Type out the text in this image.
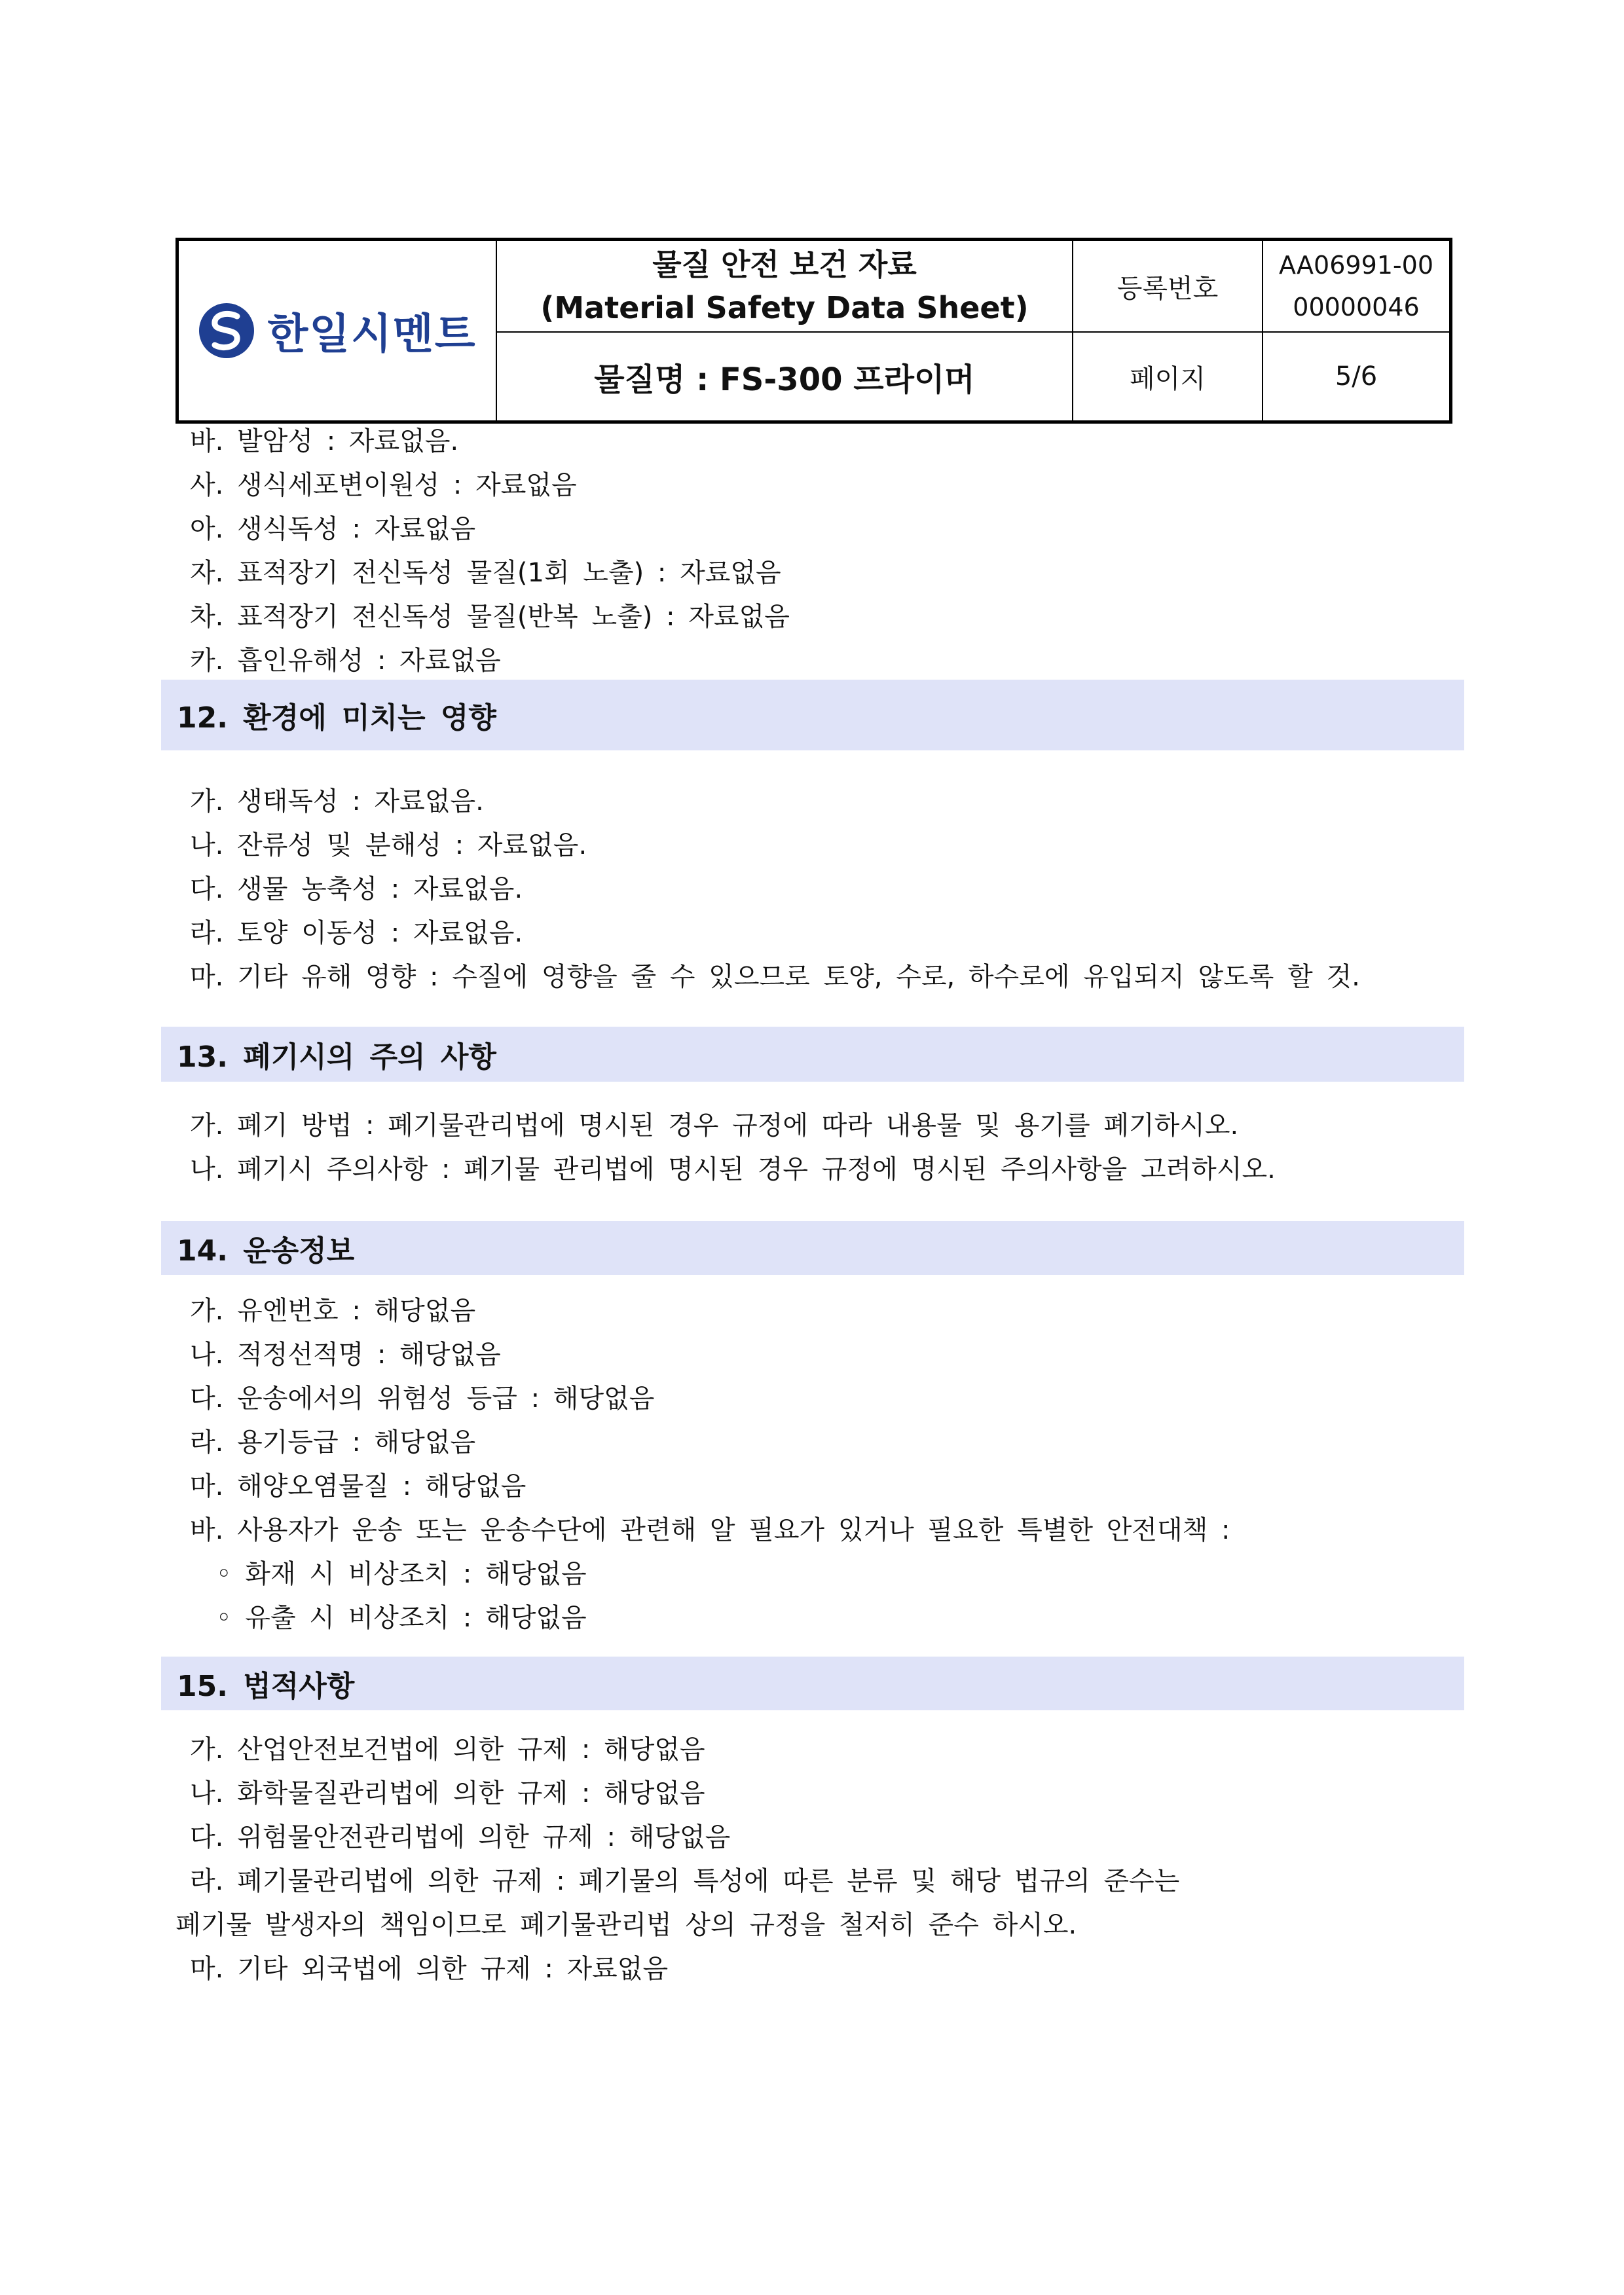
한일시멘트
물질 안전 보건 자료
(Material Safety Data Sheet)
등록번호
AA06991-00
00000046
물질명 : FS-300 프라이머	페이지	5/6
바. 발암성 : 자료없음.
사. 생식세포변이원성 : 자료없음
아. 생식독성 : 자료없음
자. 표적장기 전신독성 물질(1회 노출) : 자료없음
차. 표적장기 전신독성 물질(반복 노출) : 자료없음
카. 흡인유해성 : 자료없음
12. 환경에 미치는 영향
가. 생태독성 : 자료없음.
나. 잔류성 및 분해성 : 자료없음.
다. 생물 농축성 : 자료없음.
라. 토양 이동성 : 자료없음.
마. 기타 유해 영향 : 수질에 영향을 줄 수 있으므로 토양, 수로, 하수로에 유입되지 않도록 할 것.
13. 폐기시의 주의 사항
가. 폐기 방법 : 폐기물관리법에 명시된 경우 규정에 따라 내용물 및 용기를 폐기하시오.
나. 폐기시 주의사항 : 폐기물 관리법에 명시된 경우 규정에 명시된 주의사항을 고려하시오.
14. 운송정보
가. 유엔번호 : 해당없음
나. 적정선적명 : 해당없음
다. 운송에서의 위험성 등급 : 해당없음
라. 용기등급 : 해당없음
마. 해양오염물질 : 해당없음
바. 사용자가 운송 또는 운송수단에 관련해 알 필요가 있거나 필요한 특별한 안전대책 :
◦ 화재 시 비상조치 : 해당없음
◦ 유출 시 비상조치 : 해당없음
15. 법적사항
가. 산업안전보건법에 의한 규제 : 해당없음
나. 화학물질관리법에 의한 규제 : 해당없음
다. 위험물안전관리법에 의한 규제 : 해당없음
라. 폐기물관리법에 의한 규제 : 폐기물의 특성에 따른 분류 및 해당 법규의 준수는
폐기물 발생자의 책임이므로 폐기물관리법 상의 규정을 철저히 준수 하시오.
마. 기타 외국법에 의한 규제 : 자료없음
